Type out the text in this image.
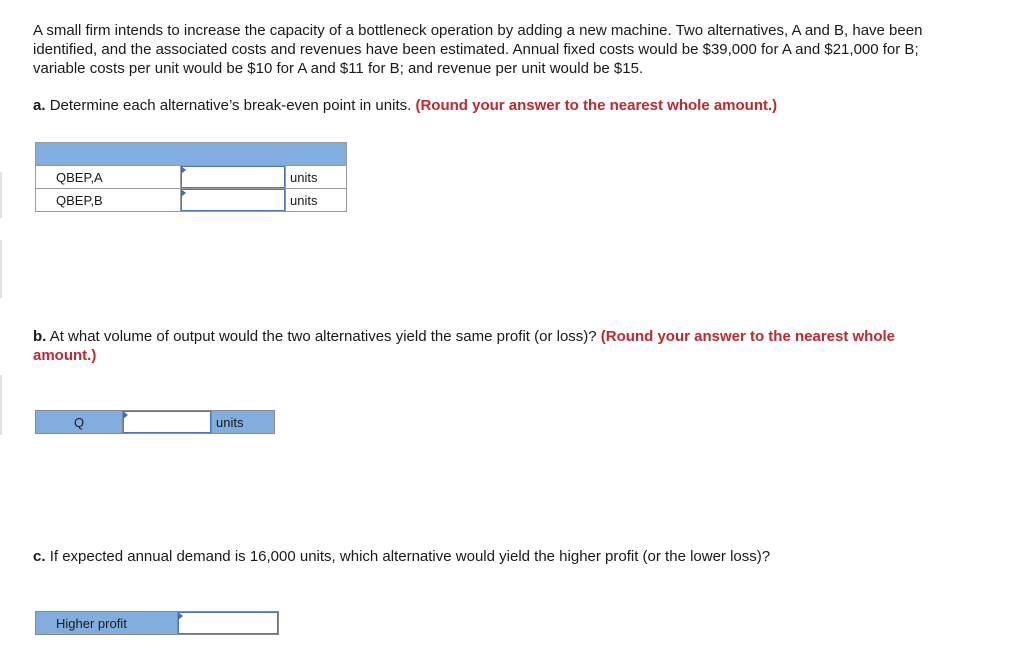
A small firm intends to increase the capacity of a bottleneck operation by adding a new machine. Two alternatives, A and B, have been
identified, and the associated costs and revenues have been estimated. Annual fixed costs would be $39,000 for A and $21,000 for B;
variable costs per unit would be $10 for A and $11 for B; and revenue per unit would be $15.

a. Determine each alternative’s break-even point in units. (Round your answer to the nearest whole amount.)

QBEP,A		units
QBEP,B		units

b. At what volume of output would the two alternatives yield the same profit (or loss)? (Round your answer to the nearest whole
amount.)

Q		units

c. If expected annual demand is 16,000 units, which alternative would yield the higher profit (or the lower loss)?

Higher profit	
